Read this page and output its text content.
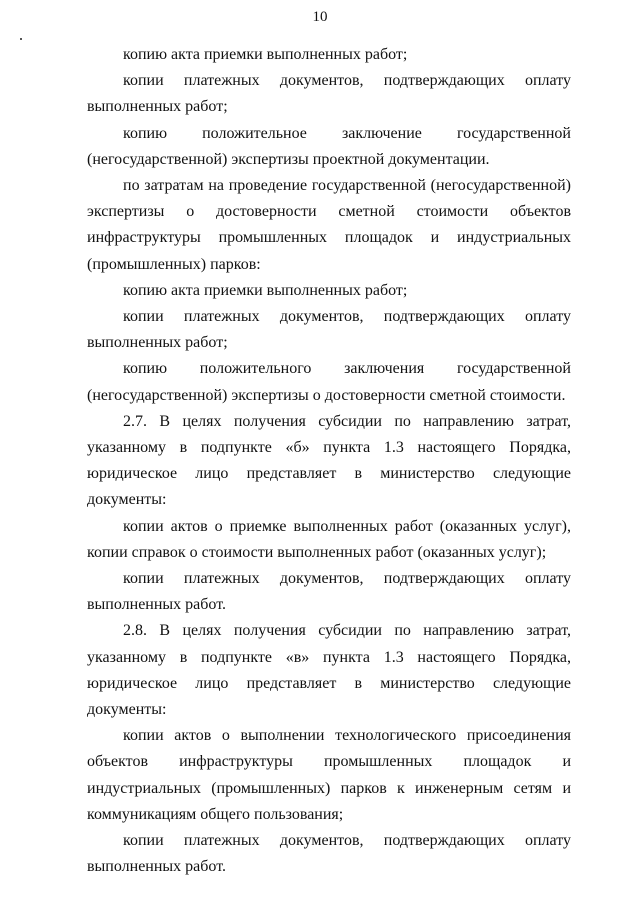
10

копию акта приемки выполненных работ;

копии платежных документов, подтверждающих оплату выполненных работ;

копию положительное заключение государственной (негосударственной) экспертизы проектной документации.

по затратам на проведение государственной (негосударственной) экспертизы о достоверности сметной стоимости объектов инфраструктуры промышленных площадок и индустриальных (промышленных) парков:

копию акта приемки выполненных работ;

копии платежных документов, подтверждающих оплату выполненных работ;

копию положительного заключения государственной (негосударственной) экспертизы о достоверности сметной стоимости.

2.7. В целях получения субсидии по направлению затрат, указанному в подпункте «б» пункта 1.3 настоящего Порядка, юридическое лицо представляет в министерство следующие документы:

копии актов о приемке выполненных работ (оказанных услуг), копии справок о стоимости выполненных работ (оказанных услуг);

копии платежных документов, подтверждающих оплату выполненных работ.

2.8. В целях получения субсидии по направлению затрат, указанному в подпункте «в» пункта 1.3 настоящего Порядка, юридическое лицо представляет в министерство следующие документы:

копии актов о выполнении технологического присоединения объектов инфраструктуры промышленных площадок и индустриальных (промышленных) парков к инженерным сетям и коммуникациям общего пользования;

копии платежных документов, подтверждающих оплату выполненных работ.
